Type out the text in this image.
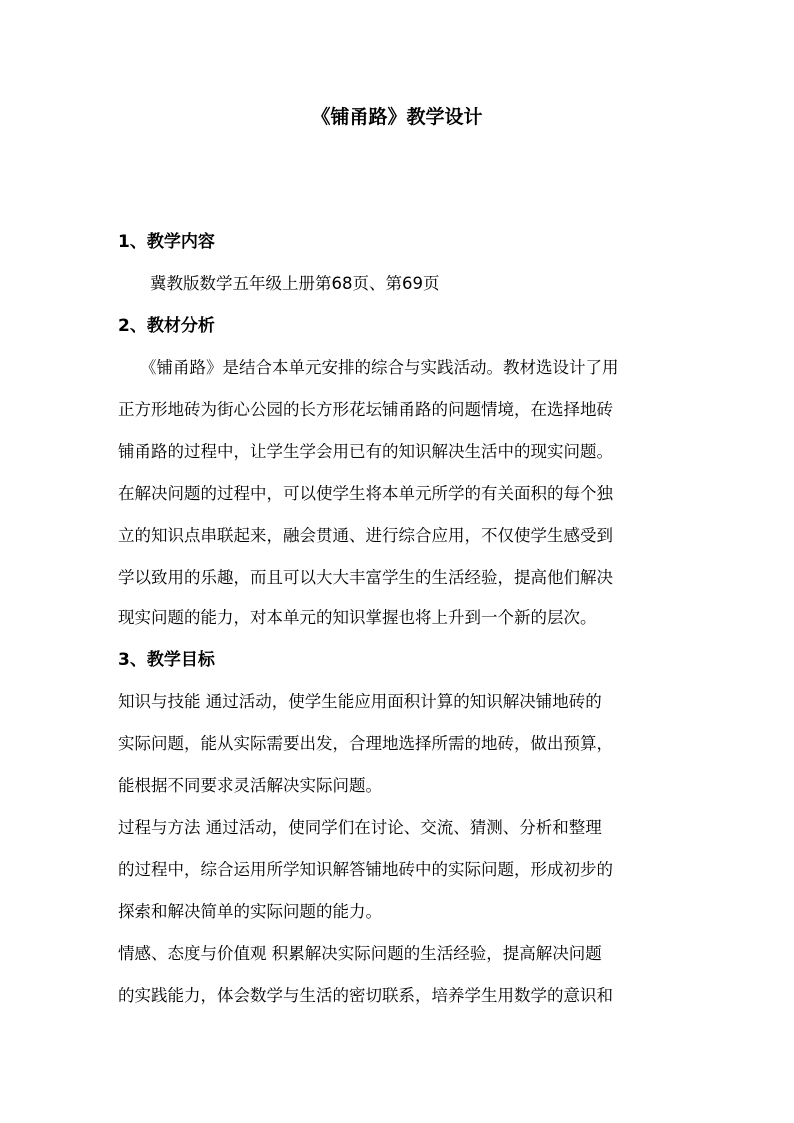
《铺甬路》教学设计
1、教学内容
冀教版数学五年级上册第68页、第69页
2、教材分析
《铺甬路》是结合本单元安排的综合与实践活动。教材选设计了用
正方形地砖为街心公园的长方形花坛铺甬路的问题情境，在选择地砖
铺甬路的过程中，让学生学会用已有的知识解决生活中的现实问题。
在解决问题的过程中，可以使学生将本单元所学的有关面积的每个独
立的知识点串联起来，融会贯通、进行综合应用，不仅使学生感受到
学以致用的乐趣，而且可以大大丰富学生的生活经验，提高他们解决
现实问题的能力，对本单元的知识掌握也将上升到一个新的层次。
3、教学目标
知识与技能 通过活动，使学生能应用面积计算的知识解决铺地砖的
实际问题，能从实际需要出发，合理地选择所需的地砖，做出预算，
能根据不同要求灵活解决实际问题。
过程与方法 通过活动，使同学们在讨论、交流、猜测、分析和整理
的过程中，综合运用所学知识解答铺地砖中的实际问题，形成初步的
探索和解决简单的实际问题的能力。
情感、态度与价值观 积累解决实际问题的生活经验，提高解决问题
的实践能力，体会数学与生活的密切联系，培养学生用数学的意识和
